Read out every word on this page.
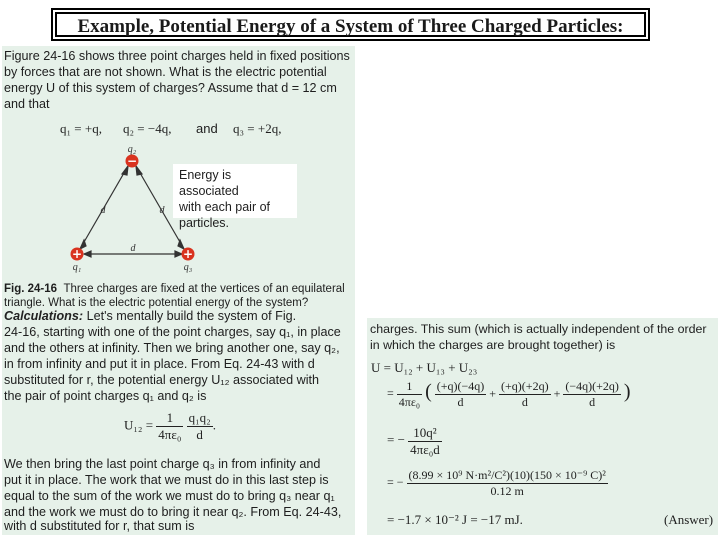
Example, Potential Energy of a System of Three Charged Particles:

Figure 24-16 shows three point charges held in fixed positions

by forces that are not shown. What is the electric potential

energy U of this system of charges? Assume that d = 12 cm

and that

q₁ = +q, q₂ = −4q, and q₃ = +2q,
−
+	+
q₂
q₁	q₃
d	d
d
Energy is associated
with each pair of
particles.

Fig. 24-16 Three charges are fixed at the vertices of an equilateral
triangle. What is the electric potential energy of the system?

Calculations: Let's mentally build the system of Fig.

24-16, starting with one of the point charges, say q₁, in place

and the others at infinity. Then we bring another one, say q₂,

in from infinity and put it in place. From Eq. 24-43 with d

substituted for r, the potential energy U₁₂ associated with

the pair of point charges q₁ and q₂ is

$U_{12} = \frac{1}{\text{4πε₀}}$
$\frac{\text{q₁q₂}}{d}$ .

We then bring the last point charge q₃ in from infinity and

put it in place. The work that we must do in this last step is

equal to the sum of the work we must do to bring q₃ near q₁

and the work we must do to bring it near q₂. From Eq. 24-43,

with d substituted for r, that sum is

charges. This sum (which is actually independent of the order

in which the charges are brought together) is

U = U₁₂ + U₁₃ + U₂₃
= $\frac{1}{\text{4πε₀}}$ ( $\frac{(+q)(-4q)}{d} + \frac{(+q)(+2q)}{d} + \frac{(-4q)(+2q)}{d}$ )
= − $\frac{\text{10q²}}{\text{4πε₀d}}$
= − $\frac{\text{(8.99 × 10⁹ N·m²/C²)(10)(150 × 10⁻⁹ C)²}}{0.12 m}$
= −1.7 × 10⁻² J = −17 mJ.	(Answer)
